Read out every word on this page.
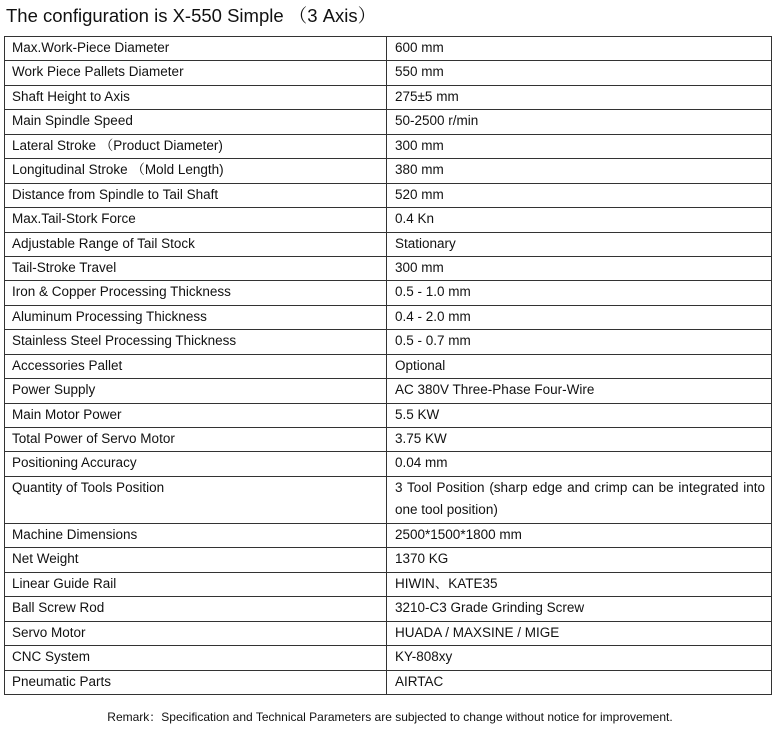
The configuration is X-550 Simple （3 Axis）
Max.Work-Piece Diameter	600 mm
Work Piece Pallets Diameter	550 mm
Shaft Height to Axis	275±5 mm
Main Spindle Speed	50-2500 r/min
Lateral Stroke （Product Diameter)	300 mm
Longitudinal Stroke （Mold Length)	380 mm
Distance from Spindle to Tail Shaft	520 mm
Max.Tail-Stork Force	0.4 Kn
Adjustable Range of Tail Stock	Stationary
Tail-Stroke Travel	300 mm
Iron & Copper Processing Thickness	0.5 - 1.0 mm
Aluminum Processing Thickness	0.4 - 2.0 mm
Stainless Steel Processing Thickness	0.5 - 0.7 mm
Accessories Pallet	Optional
Power Supply	AC 380V Three-Phase Four-Wire
Main Motor Power	5.5 KW
Total Power of Servo Motor	3.75 KW
Positioning Accuracy	0.04 mm
Quantity of Tools Position	3 Tool Position (sharp edge and crimp can be integrated into one tool position)
Machine Dimensions	2500*1500*1800 mm
Net Weight	1370 KG
Linear Guide Rail	HIWIN、KATE35
Ball Screw Rod	3210-C3 Grade Grinding Screw
Servo Motor	HUADA / MAXSINE / MIGE
CNC System	KY-808xy
Pneumatic Parts	AIRTAC
Remark：Specification and Technical Parameters are subjected to change without notice for improvement.
